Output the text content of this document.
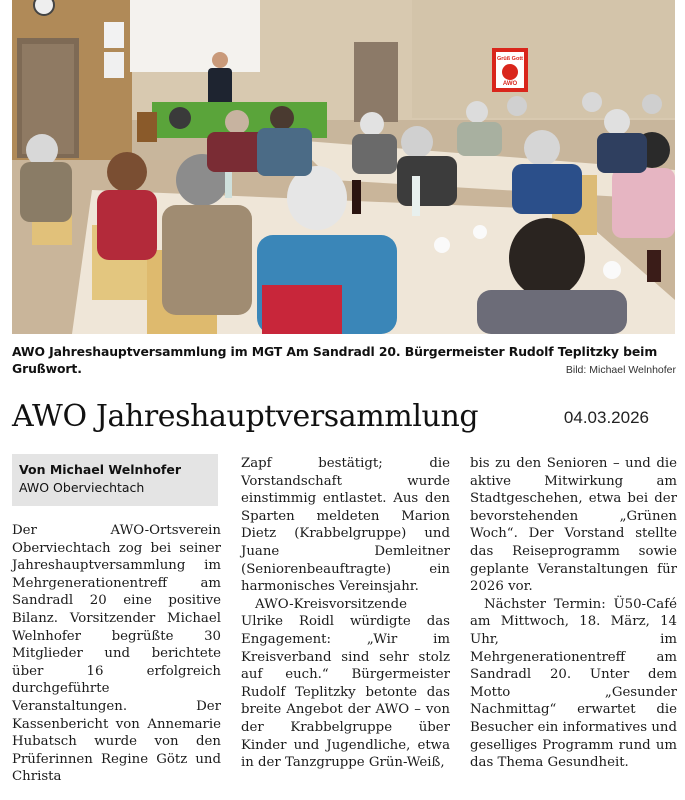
Grüß Gott
AWO
AWO Jahreshauptversammlung im MGT Am Sandradl 20. Bürgermeister Rudolf Teplitzky beim Grußwort.	Bild: Michael Welnhofer
AWO Jahreshauptversammlung	04.03.2026
Von Michael Welnhofer
AWO Oberviechtach

Der AWO-Ortsverein Oberviechtach zog bei seiner Jahreshauptversammlung im Mehrgenerationentreff am Sandradl 20 eine positive Bilanz. Vorsitzender Michael Welnhofer begrüßte 30 Mitglieder und berichtete über 16 erfolgreich durchgeführte Veranstaltungen. Der Kassenbericht von Annemarie Hubatsch wurde von den Prüferinnen Regine Götz und Christa

Zapf bestätigt; die Vorstandschaft wurde einstimmig entlastet. Aus den Sparten meldeten Marion Dietz (Krabbelgruppe) und Juane Demleitner (Seniorenbeauftragte) ein harmonisches Vereinsjahr.

AWO-Kreisvorsitzende Ulrike Roidl würdigte das Engagement: „Wir im Kreisverband sind sehr stolz auf euch.“ Bürgermeister Rudolf Teplitzky betonte das breite Angebot der AWO – von der Krabbelgruppe über Kinder und Jugendliche, etwa in der Tanzgruppe Grün-Weiß,

bis zu den Senioren – und die aktive Mitwirkung am Stadtgeschehen, etwa bei der bevorstehenden „Grünen Woch“. Der Vorstand stellte das Reiseprogramm sowie geplante Veranstaltungen für 2026 vor.

Nächster Termin: Ü50-Café am Mittwoch, 18. März, 14 Uhr, im Mehrgenerationentreff am Sandradl 20. Unter dem Motto „Gesunder Nachmittag“ erwartet die Besucher ein informatives und geselliges Programm rund um das Thema Gesundheit.
